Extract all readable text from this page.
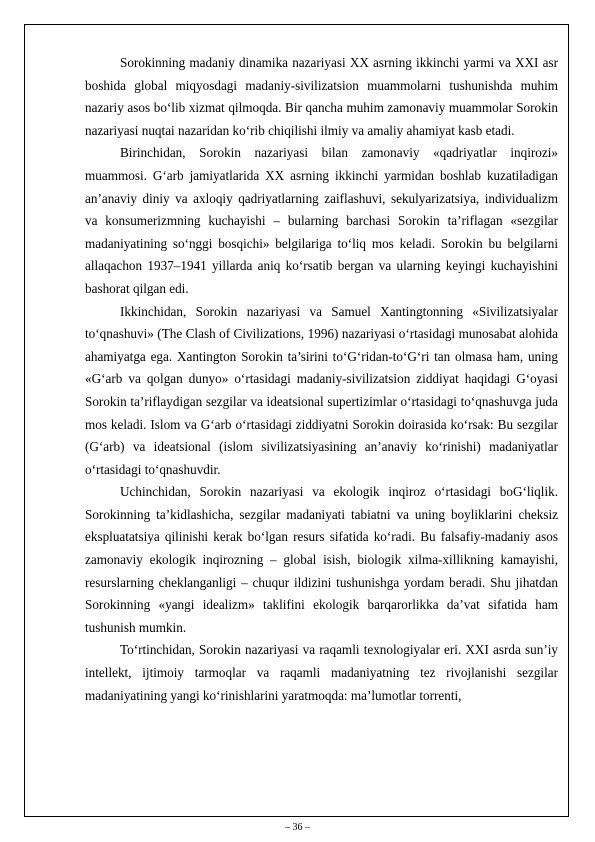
Sorokinning madaniy dinamika nazariyasi XX asrning ikkinchi yarmi va XXI asr boshida global miqyosdagi madaniy-sivilizatsion muammolarni tushunishda muhim nazariy asos bo‘lib xizmat qilmoqda. Bir qancha muhim zamonaviy muammolar Sorokin nazariyasi nuqtai nazaridan ko‘rib chiqilishi ilmiy va amaliy ahamiyat kasb etadi.

Birinchidan, Sorokin nazariyasi bilan zamonaviy «qadriyatlar inqirozi» muammosi. G‘arb jamiyatlarida XX asrning ikkinchi yarmidan boshlab kuzatiladigan an’anaviy diniy va axloqiy qadriyatlarning zaiflashuvi, sekulyarizatsiya, individualizm va konsumerizmning kuchayishi – bularning barchasi Sorokin ta’riflagan «sezgilar madaniyatining so‘nggi bosqichi» belgilariga to‘liq mos keladi. Sorokin bu belgilarni allaqachon 1937–1941 yillarda aniq ko‘rsatib bergan va ularning keyingi kuchayishini bashorat qilgan edi.

Ikkinchidan, Sorokin nazariyasi va Samuel Xantingtonning «Sivilizatsiyalar to‘qnashuvi» (The Clash of Civilizations, 1996) nazariyasi o‘rtasidagi munosabat alohida ahamiyatga ega. Xantington Sorokin ta’sirini to‘G‘ridan-to‘G‘ri tan olmasa ham, uning «G‘arb va qolgan dunyo» o‘rtasidagi madaniy-sivilizatsion ziddiyat haqidagi G‘oyasi Sorokin ta’riflaydigan sezgilar va ideatsional supertizimlar o‘rtasidagi to‘qnashuvga juda mos keladi. Islom va G‘arb o‘rtasidagi ziddiyatni Sorokin doirasida ko‘rsak: Bu sezgilar (G‘arb) va ideatsional (islom sivilizatsiyasining an’anaviy ko‘rinishi) madaniyatlar o‘rtasidagi to‘qnashuvdir.

Uchinchidan, Sorokin nazariyasi va ekologik inqiroz o‘rtasidagi boG‘liqlik. Sorokinning ta’kidlashicha, sezgilar madaniyati tabiatni va uning boyliklarini cheksiz ekspluatatsiya qilinishi kerak bo‘lgan resurs sifatida ko‘radi. Bu falsafiy-madaniy asos zamonaviy ekologik inqirozning – global isish, biologik xilma-xillikning kamayishi, resurslarning cheklanganligi – chuqur ildizini tushunishga yordam beradi. Shu jihatdan Sorokinning «yangi idealizm» taklifini ekologik barqarorlikka da’vat sifatida ham tushunish mumkin.

To‘rtinchidan, Sorokin nazariyasi va raqamli texnologiyalar eri. XXI asrda sun’iy intellekt, ijtimoiy tarmoqlar va raqamli madaniyatning tez rivojlanishi sezgilar madaniyatining yangi ko‘rinishlarini yaratmoqda: ma’lumotlar torrenti,

– 36 –
